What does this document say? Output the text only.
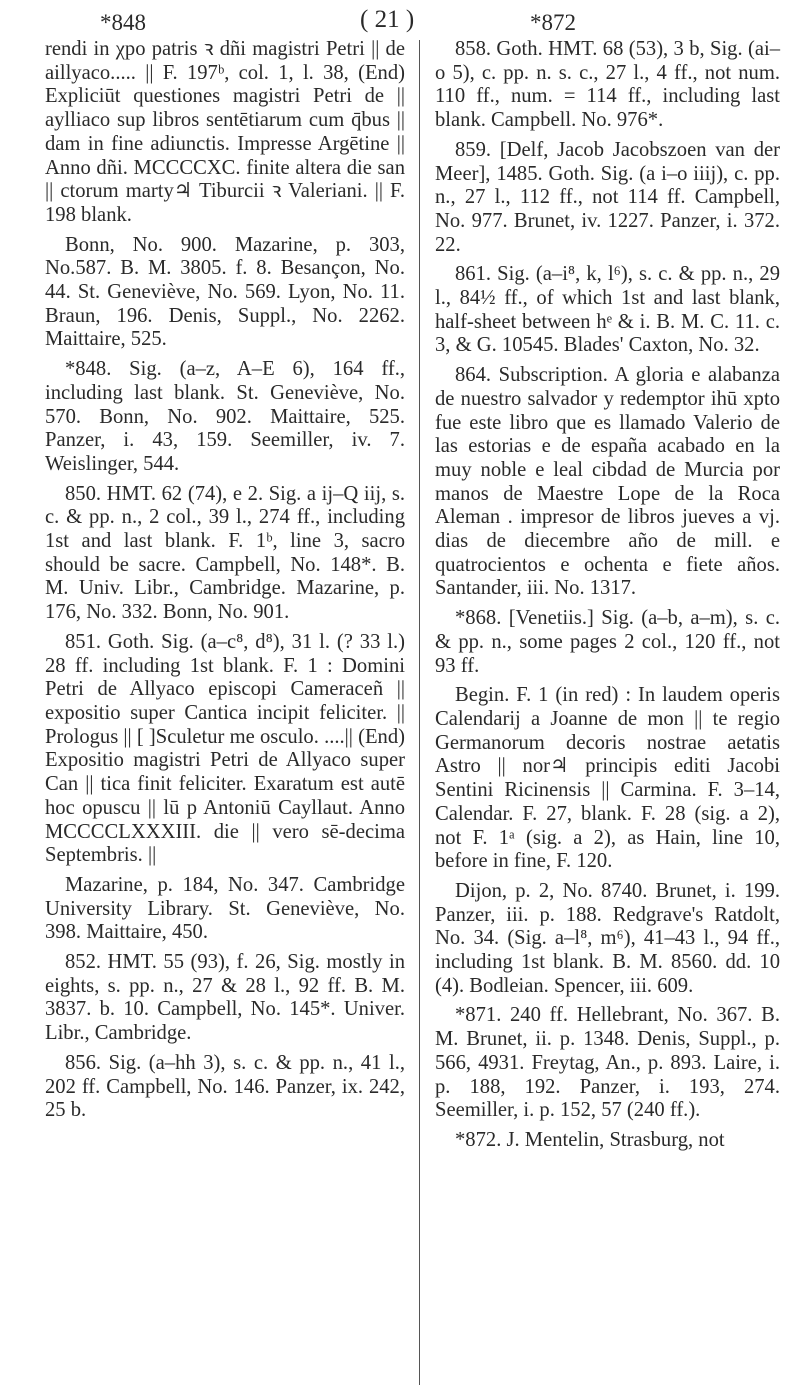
*848	( 21 )	*872

rendi in χpo patris ꝛ dñi magistri Petri || de aillyaco..... || F. 197ᵇ, col. 1, l. 38, (End) Expliciūt questiones magistri Petri de || aylliaco sup libros sentētiarum cum q̄bus || dam in fine adiunctis. Impresse Argētine || Anno dñi. MCCCCXC. finite altera die san || ctorum marty♃ Tiburcii ꝛ Valeriani. || F. 198 blank.

Bonn, No. 900. Mazarine, p. 303, No.587. B. M. 3805. f. 8. Besançon, No. 44. St. Geneviève, No. 569. Lyon, No. 11. Braun, 196. Denis, Suppl., No. 2262. Maittaire, 525.

*848. Sig. (a–z, A–E 6), 164 ff., including last blank. St. Geneviève, No. 570. Bonn, No. 902. Maittaire, 525. Panzer, i. 43, 159. Seemiller, iv. 7. Weislinger, 544.

850. HMT. 62 (74), e 2. Sig. a ij–Q iij, s. c. & pp. n., 2 col., 39 l., 274 ff., including 1st and last blank. F. 1ᵇ, line 3, sacro should be sacre. Campbell, No. 148*. B. M. Univ. Libr., Cambridge. Mazarine, p. 176, No. 332. Bonn, No. 901.

851. Goth. Sig. (a–c⁸, d⁸), 31 l. (? 33 l.) 28 ff. including 1st blank. F. 1 : Domini Petri de Allyaco episcopi Cameraceñ || expositio super Cantica incipit feliciter. || Prologus || [ ]Sculetur me osculo. ....|| (End) Expositio magistri Petri de Allyaco super Can || tica finit feliciter. Exaratum est autē hoc opuscu || lū p Antoniū Cayllaut. Anno MCCCCLXXXIII. die || vero sē-decima Septembris. ||

Mazarine, p. 184, No. 347. Cambridge University Library. St. Geneviève, No. 398. Maittaire, 450.

852. HMT. 55 (93), f. 26, Sig. mostly in eights, s. pp. n., 27 & 28 l., 92 ff. B. M. 3837. b. 10. Campbell, No. 145*. Univer. Libr., Cambridge.

856. Sig. (a–hh 3), s. c. & pp. n., 41 l., 202 ff. Campbell, No. 146. Panzer, ix. 242, 25 b.

858. Goth. HMT. 68 (53), 3 b, Sig. (ai–o 5), c. pp. n. s. c., 27 l., 4 ff., not num. 110 ff., num. = 114 ff., including last blank. Campbell. No. 976*.

859. [Delf, Jacob Jacobszoen van der Meer], 1485. Goth. Sig. (a i–o iiij), c. pp. n., 27 l., 112 ff., not 114 ff. Campbell, No. 977. Brunet, iv. 1227. Panzer, i. 372. 22.

861. Sig. (a–i⁸, k, l⁶), s. c. & pp. n., 29 l., 84½ ff., of which 1st and last blank, half-sheet between hᵉ & i. B. M. C. 11. c. 3, & G. 10545. Blades' Caxton, No. 32.

864. Subscription. A gloria e alabanza de nuestro salvador y redemptor ihū xpto fue este libro que es llamado Valerio de las estorias e de españa acabado en la muy noble e leal cibdad de Murcia por manos de Maestre Lope de la Roca Aleman . impresor de libros jueves a vj. dias de diecembre año de mill. e quatrocientos e ochenta e fiete años. Santander, iii. No. 1317.

*868. [Venetiis.] Sig. (a–b, a–m), s. c. & pp. n., some pages 2 col., 120 ff., not 93 ff.

Begin. F. 1 (in red) : In laudem operis Calendarij a Joanne de mon || te regio Germanorum decoris nostrae aetatis Astro || nor♃ principis editi Jacobi Sentini Ricinensis || Carmina. F. 3–14, Calendar. F. 27, blank. F. 28 (sig. a 2), not F. 1ᵃ (sig. a 2), as Hain, line 10, before in fine, F. 120.

Dijon, p. 2, No. 8740. Brunet, i. 199. Panzer, iii. p. 188. Redgrave's Ratdolt, No. 34. (Sig. a–l⁸, m⁶), 41–43 l., 94 ff., including 1st blank. B. M. 8560. dd. 10 (4). Bodleian. Spencer, iii. 609.

*871. 240 ff. Hellebrant, No. 367. B. M. Brunet, ii. p. 1348. Denis, Suppl., p. 566, 4931. Freytag, An., p. 893. Laire, i. p. 188, 192. Panzer, i. 193, 274. Seemiller, i. p. 152, 57 (240 ff.).

*872. J. Mentelin, Strasburg, not
